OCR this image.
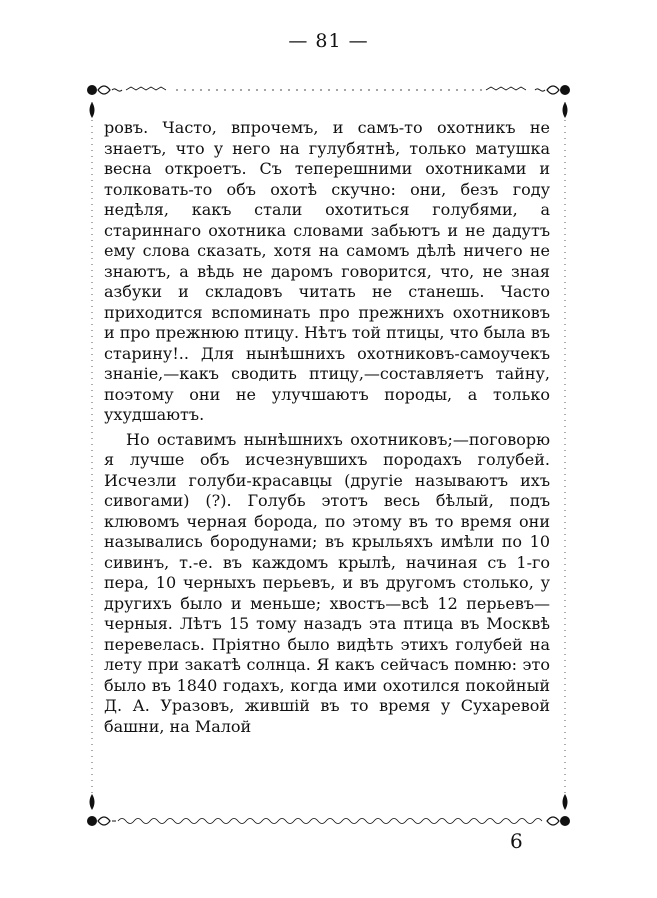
— 81 —

ровъ. Часто, впрочемъ, и самъ-то охотникъ не знаетъ, что у него на гулубятнѣ, только матушка весна откроетъ. Съ теперешними охотниками и толковать-то объ охотѣ скучно: они, безъ году недѣля, какъ стали охотиться голубями, а стариннаго охотника словами забьютъ и не дадутъ ему слова сказать, хотя на самомъ дѣлѣ ничего не знаютъ, а вѣдь не даромъ говорится, что, не зная азбуки и складовъ читать не станешь. Часто приходится вспоминать про прежнихъ охотниковъ и про прежнюю птицу. Нѣтъ той птицы, что была въ старину!.. Для нынѣшнихъ охотниковъ-самоучекъ знаніе,—какъ сводить птицу,—составляетъ тайну, поэтому они не улучшаютъ породы, а только ухудшаютъ.

Но оставимъ нынѣшнихъ охотниковъ;—поговорю я лучше объ исчезнувшихъ породахъ голубей. Исчезли голуби-красавцы (другіе называютъ ихъ сивогами) (?). Голубь этотъ весь бѣлый, подъ клювомъ черная борода, по этому въ то время они назывались бородунами; въ крыльяхъ имѣли по 10 сивинъ, т.-е. въ каждомъ крылѣ, начиная съ 1-го пера, 10 черныхъ перьевъ, и въ другомъ столько, у другихъ было и меньше; хвостъ—всѣ 12 перьевъ—черныя. Лѣтъ 15 тому назадъ эта птица въ Москвѣ перевелась. Пріятно было видѣть этихъ голубей на лету при закатѣ солнца. Я какъ сейчасъ помню: это было въ 1840 годахъ, когда ими охотился покойный Д. А. Уразовъ, жившій въ то время у Сухаревой башни, на Малой

6
